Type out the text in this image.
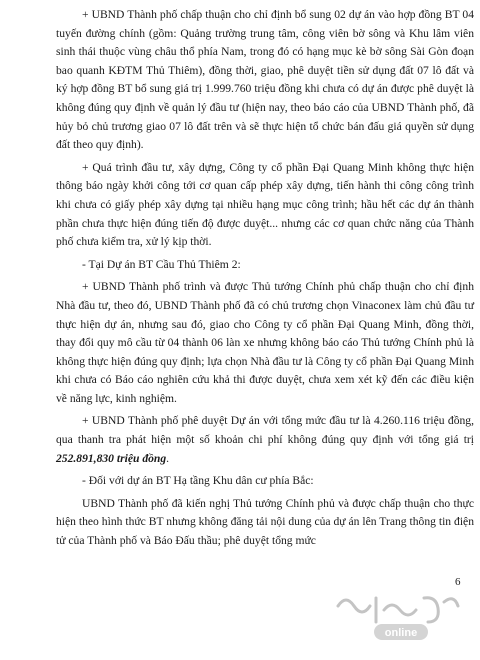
+ UBND Thành phố chấp thuận cho chỉ định bổ sung 02 dự án vào hợp đồng BT 04 tuyến đường chính (gồm: Quảng trường trung tâm, công viên bờ sông và Khu lâm viên sinh thái thuộc vùng châu thổ phía Nam, trong đó có hạng mục kè bờ sông Sài Gòn đoạn bao quanh KĐTM Thủ Thiêm), đồng thời, giao, phê duyệt tiền sử dụng đất 07 lô đất và ký hợp đồng BT bổ sung giá trị 1.999.760 triệu đồng khi chưa có dự án được phê duyệt là không đúng quy định về quản lý đầu tư (hiện nay, theo báo cáo của UBND Thành phố, đã hủy bỏ chủ trương giao 07 lô đất trên và sẽ thực hiện tổ chức bán đấu giá quyền sử dụng đất theo quy định).

+ Quá trình đầu tư, xây dựng, Công ty cổ phần Đại Quang Minh không thực hiện thông báo ngày khởi công tới cơ quan cấp phép xây dựng, tiến hành thi công công trình khi chưa có giấy phép xây dựng tại nhiều hạng mục công trình; hầu hết các dự án thành phần chưa thực hiện đúng tiến độ được duyệt... nhưng các cơ quan chức năng của Thành phố chưa kiểm tra, xử lý kịp thời.

- Tại Dự án BT Cầu Thủ Thiêm 2:

+ UBND Thành phố trình và được Thủ tướng Chính phủ chấp thuận cho chỉ định Nhà đầu tư, theo đó, UBND Thành phố đã có chủ trương chọn Vinaconex làm chủ đầu tư thực hiện dự án, nhưng sau đó, giao cho Công ty cổ phần Đại Quang Minh, đồng thời, thay đổi quy mô cầu từ 04 thành 06 làn xe nhưng không báo cáo Thủ tướng Chính phủ là không thực hiện đúng quy định; lựa chọn Nhà đầu tư là Công ty cổ phần Đại Quang Minh khi chưa có Báo cáo nghiên cứu khả thi được duyệt, chưa xem xét kỹ đến các điều kiện về năng lực, kinh nghiệm.

+ UBND Thành phố phê duyệt Dự án với tổng mức đầu tư là 4.260.116 triệu đồng, qua thanh tra phát hiện một số khoản chi phí không đúng quy định với tổng giá trị 252.891,830 triệu đồng.

- Đối với dự án BT Hạ tầng Khu dân cư phía Bắc:

UBND Thành phố đã kiến nghị Thủ tướng Chính phủ và được chấp thuận cho thực hiện theo hình thức BT nhưng không đăng tải nội dung của dự án lên Trang thông tin điện tử của Thành phố và Báo Đấu thầu; phê duyệt tổng mức

6
online
